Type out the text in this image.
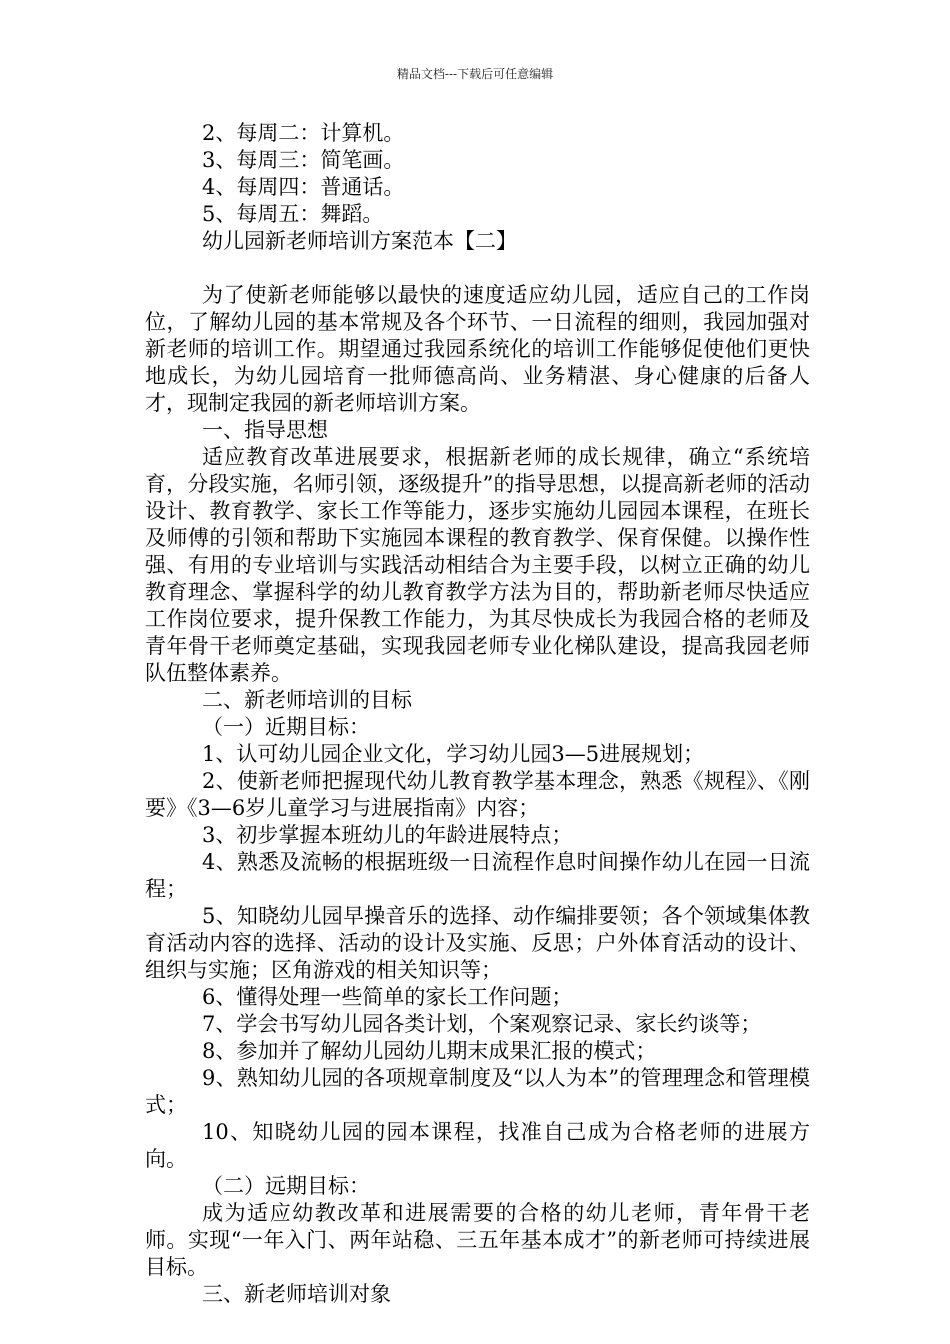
精品文档---下载后可任意编辑

2、每周二：计算机。

3、每周三：简笔画。

4、每周四：普通话。

5、每周五：舞蹈。

幼儿园新老师培训方案范本【二】

为了使新老师能够以最快的速度适应幼儿园，适应自己的工作岗位，了解幼儿园的基本常规及各个环节、一日流程的细则，我园加强对新老师的培训工作。期望通过我园系统化的培训工作能够促使他们更快地成长，为幼儿园培育一批师德高尚、业务精湛、身心健康的后备人才，现制定我园的新老师培训方案。

一、指导思想

适应教育改革进展要求，根据新老师的成长规律，确立“系统培育，分段实施，名师引领，逐级提升”的指导思想，以提高新老师的活动设计、教育教学、家长工作等能力，逐步实施幼儿园园本课程，在班长及师傅的引领和帮助下实施园本课程的教育教学、保育保健。以操作性强、有用的专业培训与实践活动相结合为主要手段，以树立正确的幼儿教育理念、掌握科学的幼儿教育教学方法为目的，帮助新老师尽快适应工作岗位要求，提升保教工作能力，为其尽快成长为我园合格的老师及青年骨干老师奠定基础，实现我园老师专业化梯队建设，提高我园老师队伍整体素养。

二、新老师培训的目标

（一）近期目标：

1、认可幼儿园企业文化，学习幼儿园3—5进展规划；

2、使新老师把握现代幼儿教育教学基本理念，熟悉《规程》、《刚要》《3—6岁儿童学习与进展指南》内容；

3、初步掌握本班幼儿的年龄进展特点；

4、熟悉及流畅的根据班级一日流程作息时间操作幼儿在园一日流程；

5、知晓幼儿园早操音乐的选择、动作编排要领；各个领域集体教育活动内容的选择、活动的设计及实施、反思；户外体育活动的设计、组织与实施；区角游戏的相关知识等；

6、懂得处理一些简单的家长工作问题；

7、学会书写幼儿园各类计划，个案观察记录、家长约谈等；

8、参加并了解幼儿园幼儿期末成果汇报的模式；

9、熟知幼儿园的各项规章制度及“以人为本”的管理理念和管理模式；

10、知晓幼儿园的园本课程，找准自己成为合格老师的进展方向。

（二）远期目标：

成为适应幼教改革和进展需要的合格的幼儿老师，青年骨干老师。实现“一年入门、两年站稳、三五年基本成才”的新老师可持续进展目标。

三、新老师培训对象
